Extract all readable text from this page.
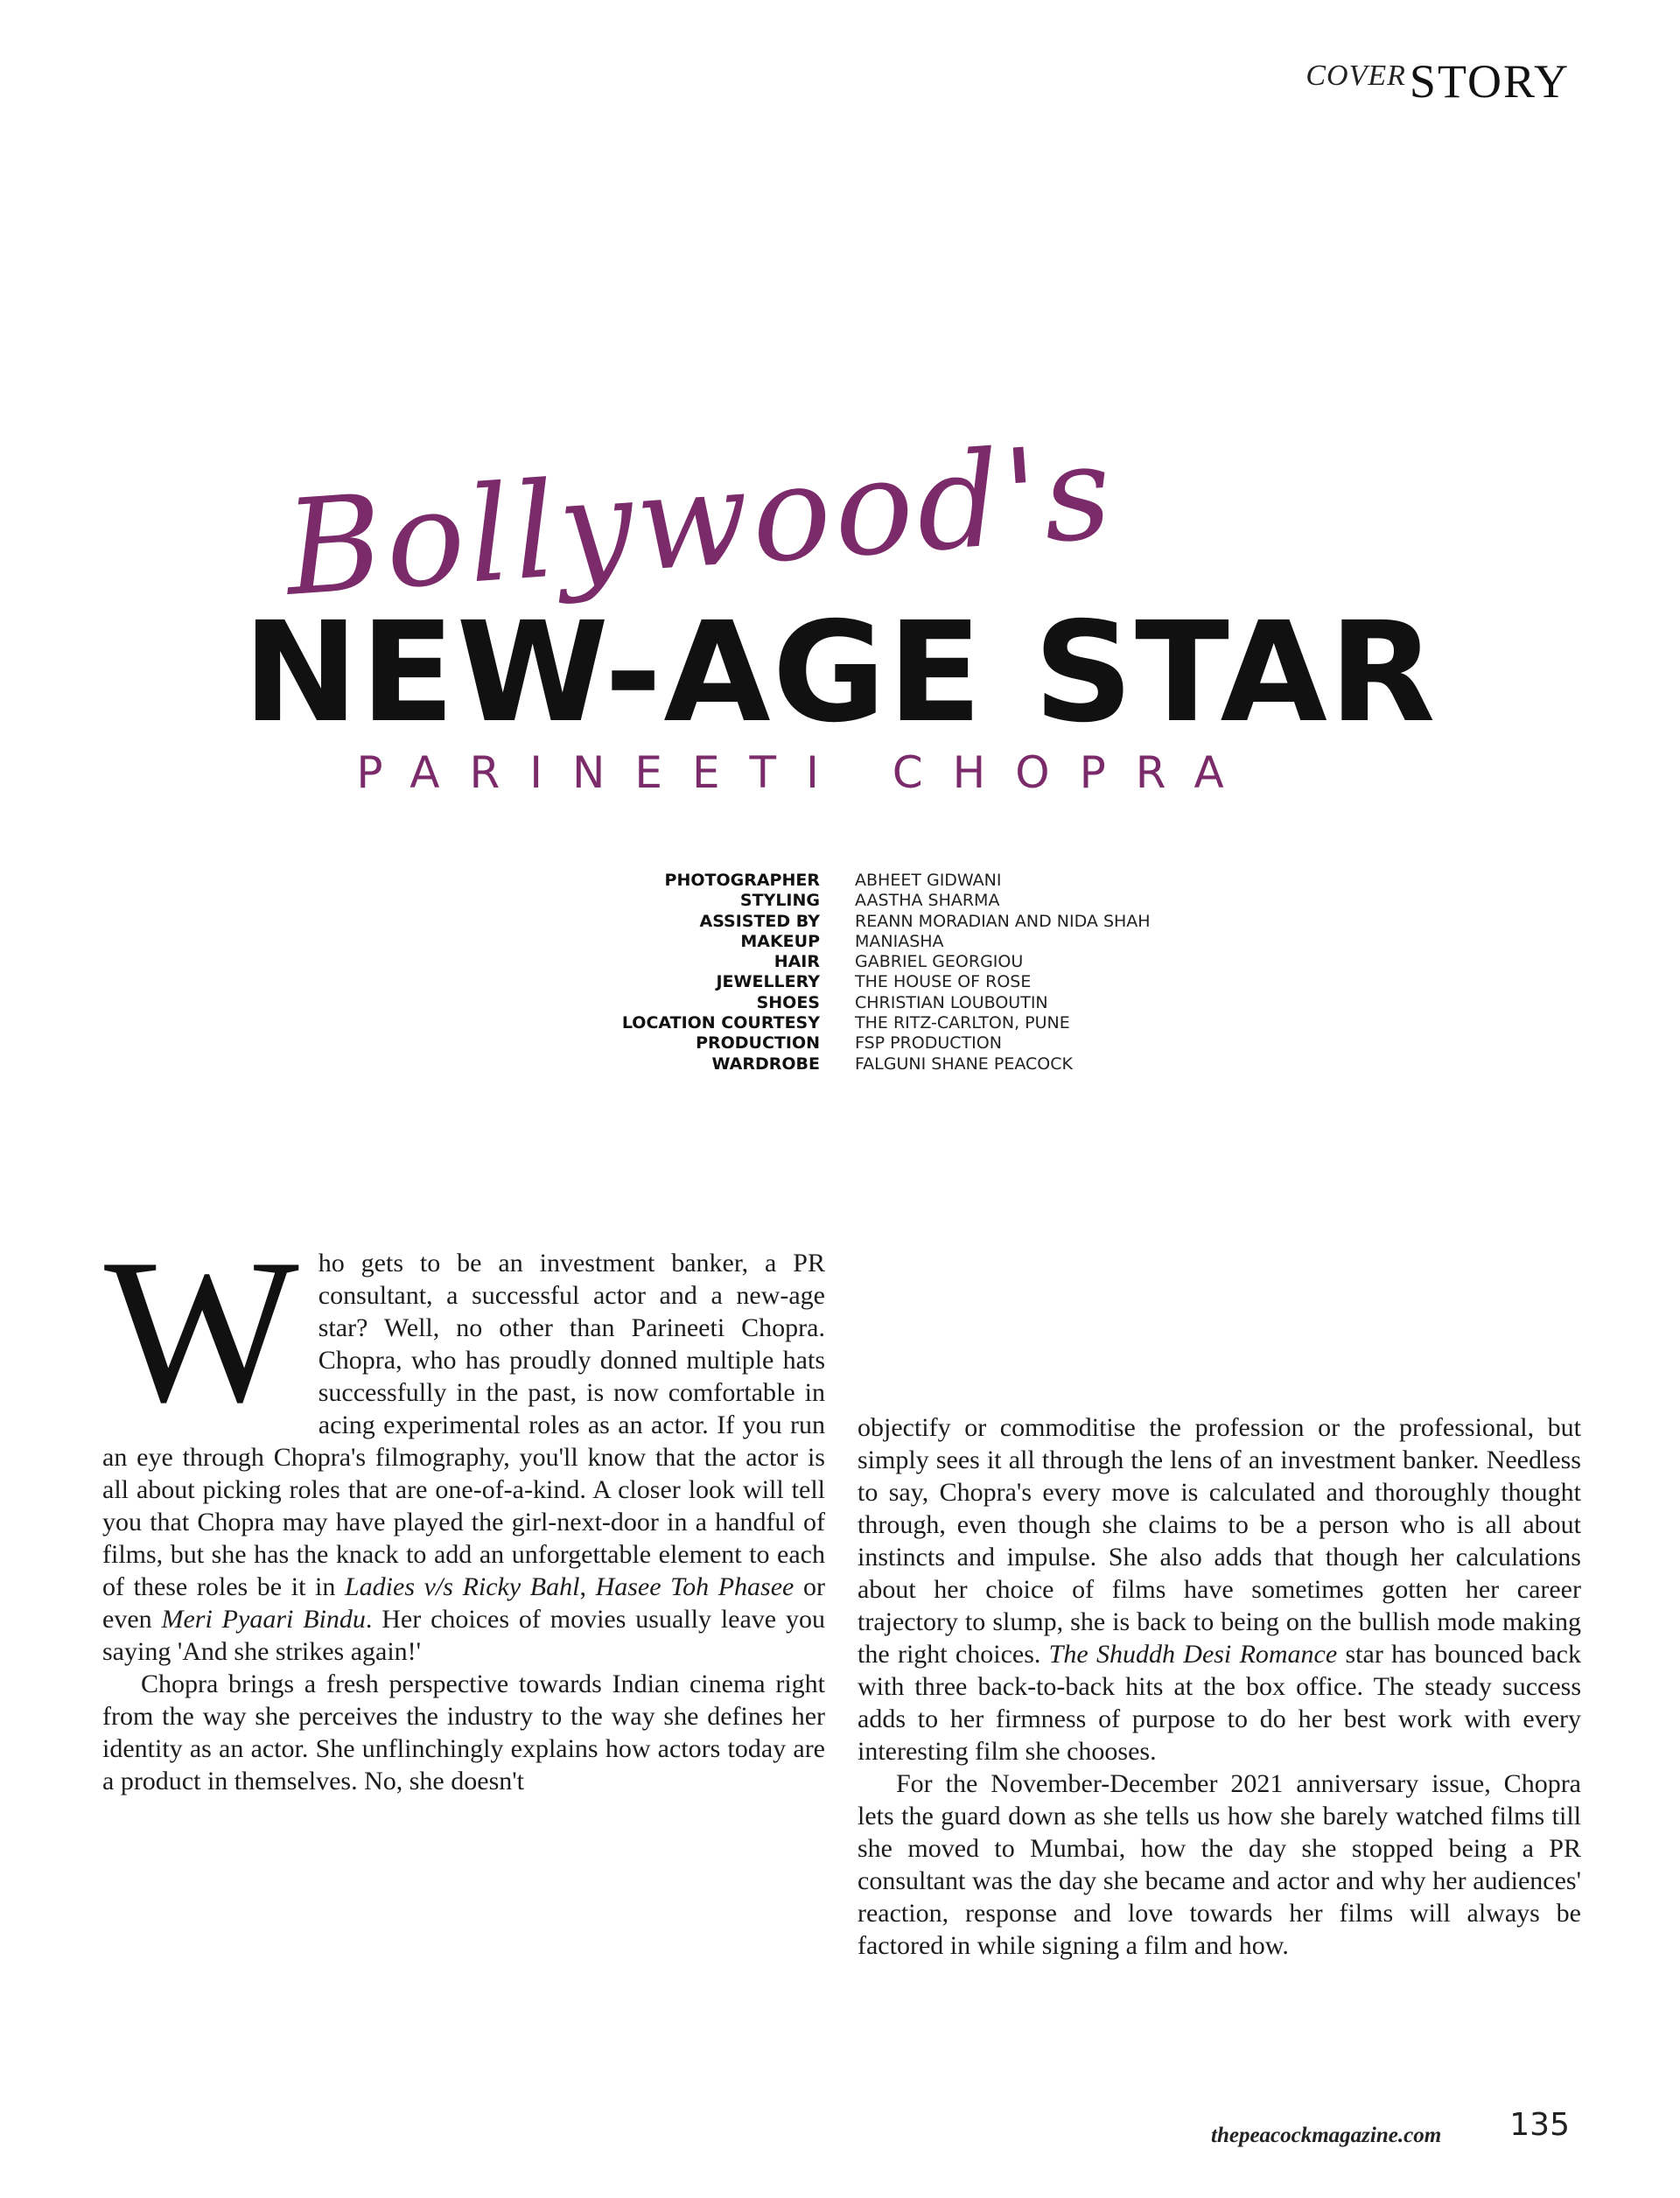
COVERSTORY
Bollywood's
NEW-AGE STAR
PARINEETI CHOPRA
PHOTOGRAPHER ABHEET GIDWANI
STYLING AASTHA SHARMA
ASSISTED BY REANN MORADIAN AND NIDA SHAH
MAKEUP MANIASHA
HAIR GABRIEL GEORGIOU
JEWELLERY THE HOUSE OF ROSE
SHOES CHRISTIAN LOUBOUTIN
LOCATION COURTESY THE RITZ-CARLTON, PUNE
PRODUCTION FSP PRODUCTION
WARDROBE FALGUNI SHANE PEACOCK

Who gets to be an investment banker, a PR consultant, a successful actor and a new-age star? Well, no other than Parineeti Chopra. Chopra, who has proudly donned multiple hats successfully in the past, is now comfortable in acing experimental roles as an actor. If you run an eye through Chopra's filmography, you'll know that the actor is all about picking roles that are one-of-a-kind. A closer look will tell you that Chopra may have played the girl-next-door in a handful of films, but she has the knack to add an unforgettable element to each of these roles be it in Ladies v/s Ricky Bahl, Hasee Toh Phasee or even Meri Pyaari Bindu. Her choices of movies usually leave you saying 'And she strikes again!'

Chopra brings a fresh perspective towards Indian cinema right from the way she perceives the industry to the way she defines her identity as an actor. She unflinchingly explains how actors today are a product in themselves. No, she doesn't

objectify or commoditise the profession or the professional, but simply sees it all through the lens of an investment banker. Needless to say, Chopra's every move is calculated and thoroughly thought through, even though she claims to be a person who is all about instincts and impulse. She also adds that though her calculations about her choice of films have sometimes gotten her career trajectory to slump, she is back to being on the bullish mode making the right choices. The Shuddh Desi Romance star has bounced back with three back-to-back hits at the box office. The steady success adds to her firmness of purpose to do her best work with every interesting film she chooses.

For the November-December 2021 anniversary issue, Chopra lets the guard down as she tells us how she barely watched films till she moved to Mumbai, how the day she stopped being a PR consultant was the day she became and actor and why her audiences' reaction, response and love towards her films will always be factored in while signing a film and how.

thepeacockmagazine.com 135
